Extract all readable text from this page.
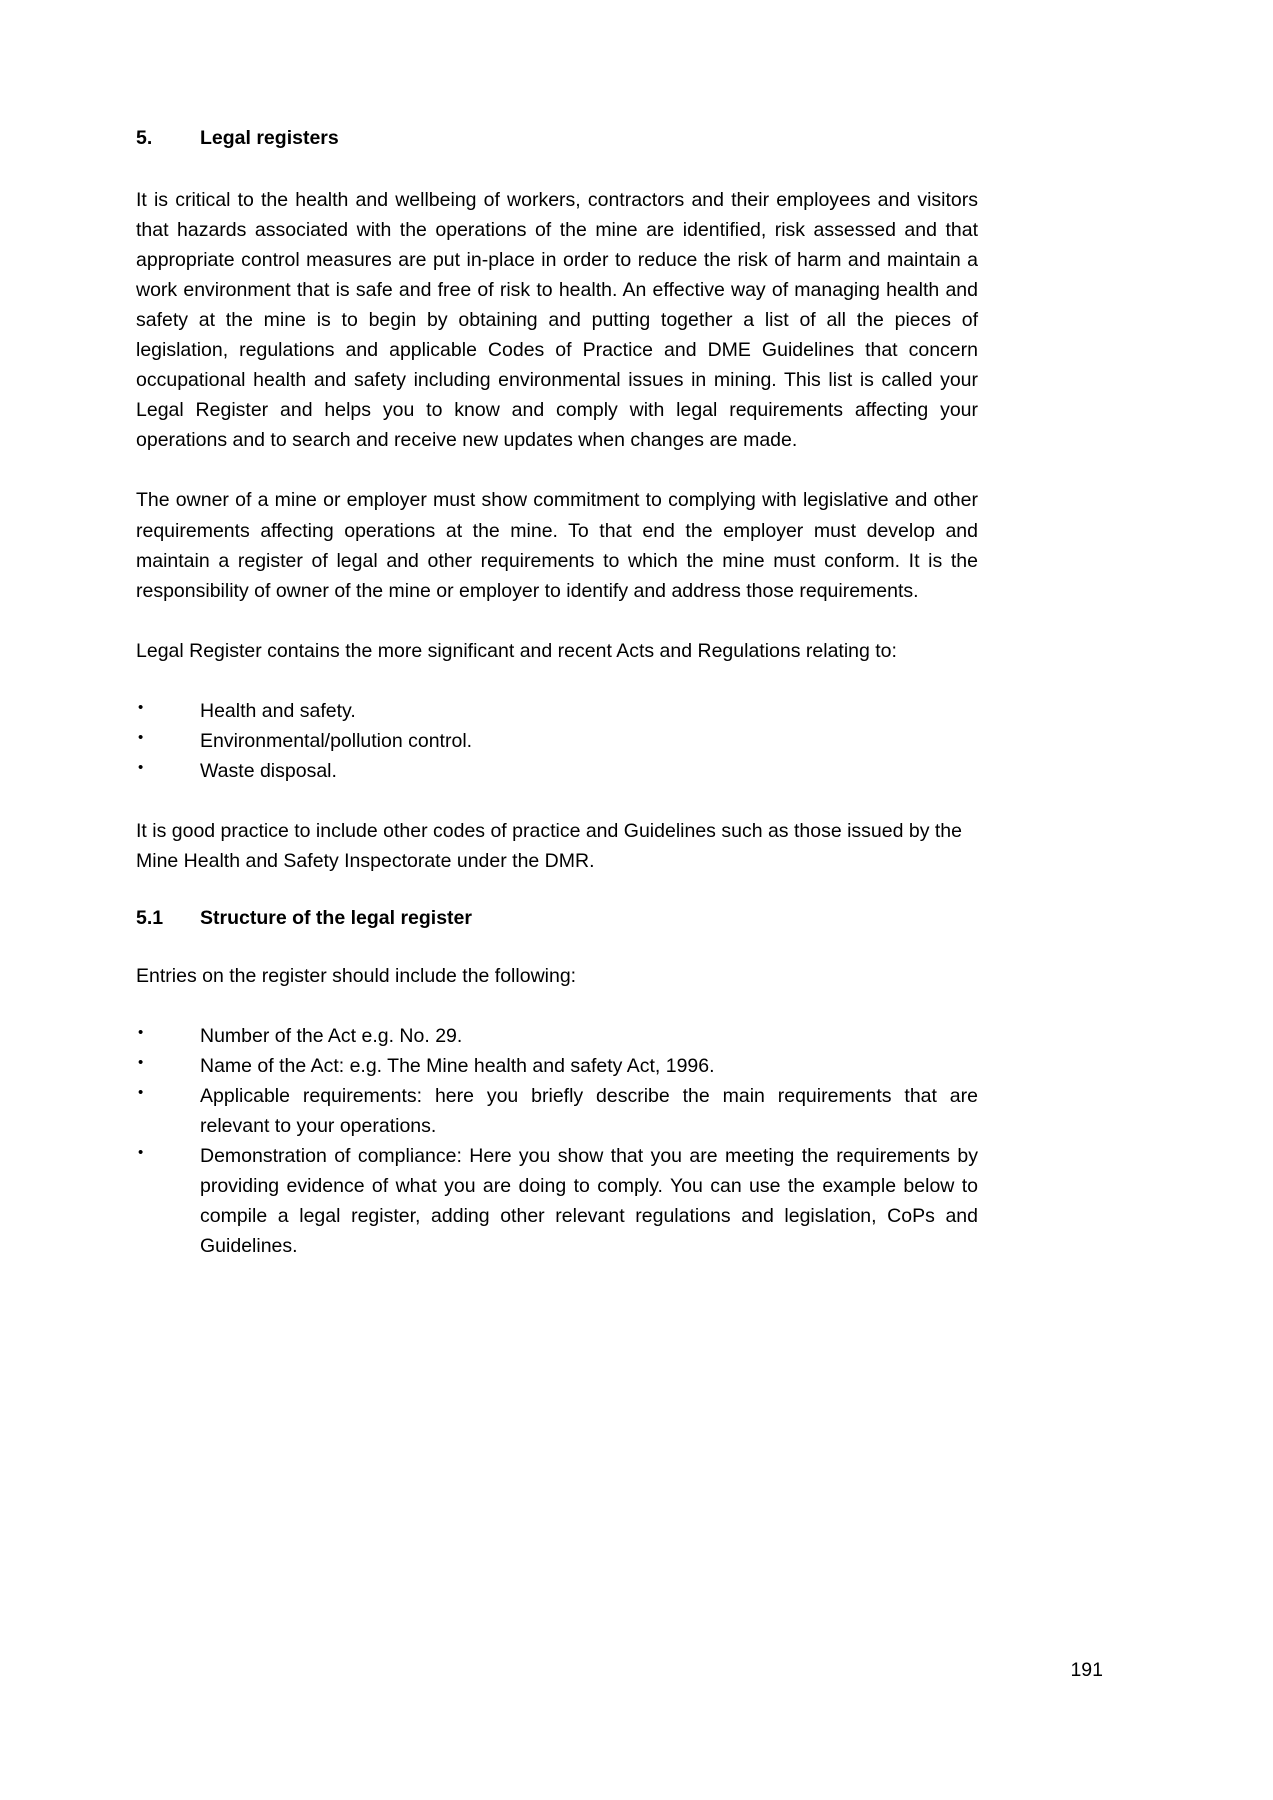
5.	Legal registers

It is critical to the health and wellbeing of workers, contractors and their employees and visitors that hazards associated with the operations of the mine are identified, risk assessed and that appropriate control measures are put in-place in order to reduce the risk of harm and maintain a work environment that is safe and free of risk to health. An effective way of managing health and safety at the mine is to begin by obtaining and putting together a list of all the pieces of legislation, regulations and applicable Codes of Practice and DME Guidelines that concern occupational health and safety including environmental issues in mining. This list is called your Legal Register and helps you to know and comply with legal requirements affecting your operations and to search and receive new updates when changes are made.

The owner of a mine or employer must show commitment to complying with legislative and other requirements affecting operations at the mine. To that end the employer must develop and maintain a register of legal and other requirements to which the mine must conform. It is the responsibility of owner of the mine or employer to identify and address those requirements.

Legal Register contains the more significant and recent Acts and Regulations relating to:

•	Health and safety.
•	Environmental/pollution control.
•	Waste disposal.

It is good practice to include other codes of practice and Guidelines such as those issued by the Mine Health and Safety Inspectorate under the DMR.

5.1	Structure of the legal register

Entries on the register should include the following:

•	Number of the Act e.g. No. 29.
•	Name of the Act: e.g. The Mine health and safety Act, 1996.
•	Applicable requirements: here you briefly describe the main requirements that are relevant to your operations.
•	Demonstration of compliance: Here you show that you are meeting the requirements by providing evidence of what you are doing to comply. You can use the example below to compile a legal register, adding other relevant regulations and legislation, CoPs and Guidelines.
191
